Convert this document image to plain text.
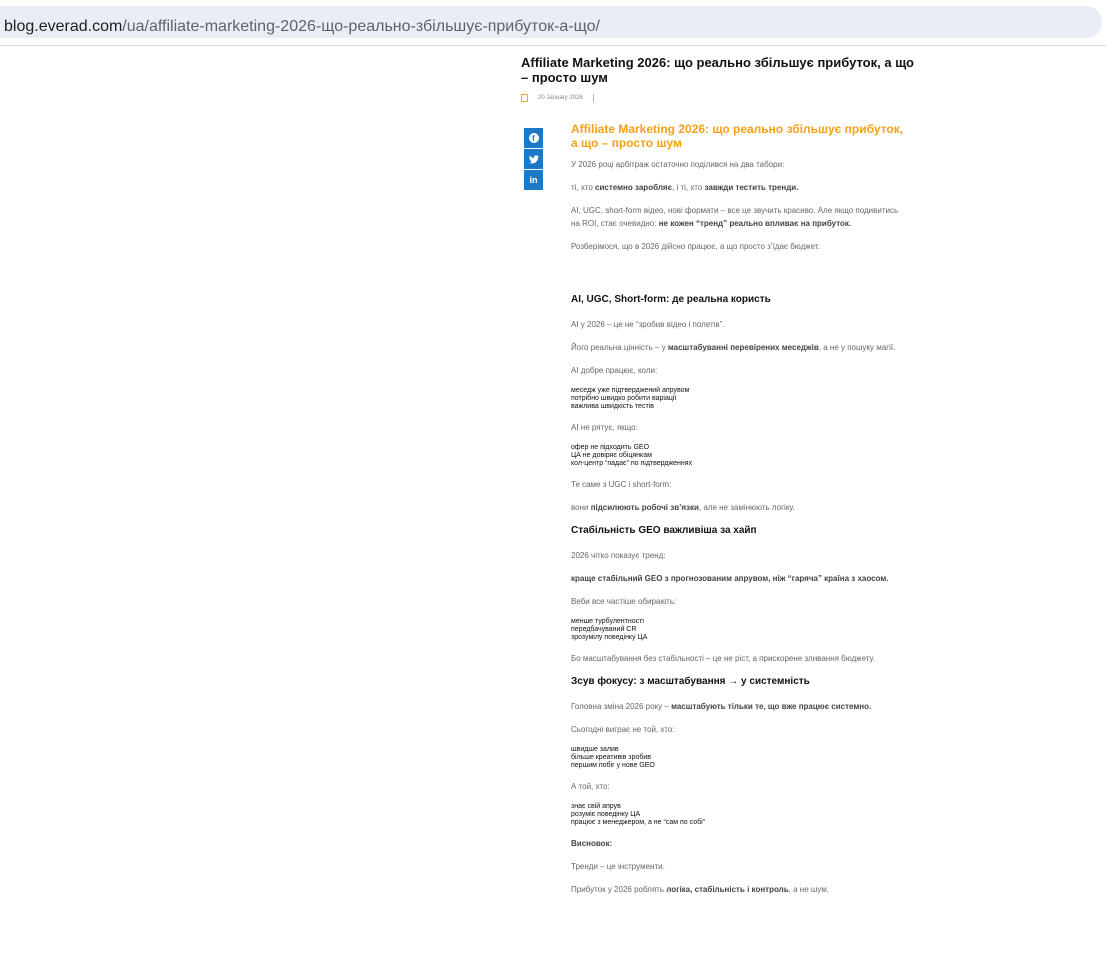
blog.everad.com/ua/affiliate-marketing-2026-що-реально-збільшує-прибуток-а-що/
Affiliate Marketing 2026: що реально збільшує прибуток, а що – просто шум
20 January 2026
f
in
Affiliate Marketing 2026: що реально збільшує прибуток, а що – просто шум

У 2026 році арбітраж остаточно поділився на два табори:

ті, хто системно заробляє, і ті, хто завжди тестить тренди.

AI, UGC, short-form відео, нові формати – все це звучить красиво. Але якщо подивитись на ROI, стає очевидно: не кожен “тренд” реально впливає на прибуток.

Розберімося, що в 2026 дійсно працює, а що просто з’їдає бюджет.

AI, UGC, Short-form: де реальна користь

AI у 2026 – це не “зробив відео і полетів”.

Його реальна цінність – у масштабуванні перевірених меседжів, а не у пошуку магії.

AI добре працює, коли:

меседж уже підтверджений апрувом
потрібно швидко робити варіації
важлива швидкість тестів

AI не рятує, якщо:

офер не підходить GEO
ЦА не довіряє обіцянкам
кол-центр “падає” по підтвердженнях

Те саме з UGC і short-form:

вони підсилюють робочі зв’язки, але не замінюють логіку.

Стабільність GEO важливіша за хайп

2026 чітко показує тренд:

краще стабільний GEO з прогнозованим апрувом, ніж “гаряча” країна з хаосом.

Веби все частіше обирають:

менше турбулентності
передбачуваний CR
зрозумілу поведінку ЦА

Бо масштабування без стабільності – це не ріст, а прискорене зливання бюджету.

Зсув фокусу: з масштабування → у системність

Головна зміна 2026 року – масштабують тільки те, що вже працює системно.

Сьогодні виграє не той, хто:

швидше залив
більше креативів зробив
першим побіг у нове GEO

А той, хто:

знає свій апрув
розуміє поведінку ЦА
працює з менеджером, а не “сам по собі”

Висновок:

Тренди – це інструменти.

Прибуток у 2026 роблять логіка, стабільність і контроль, а не шум.
